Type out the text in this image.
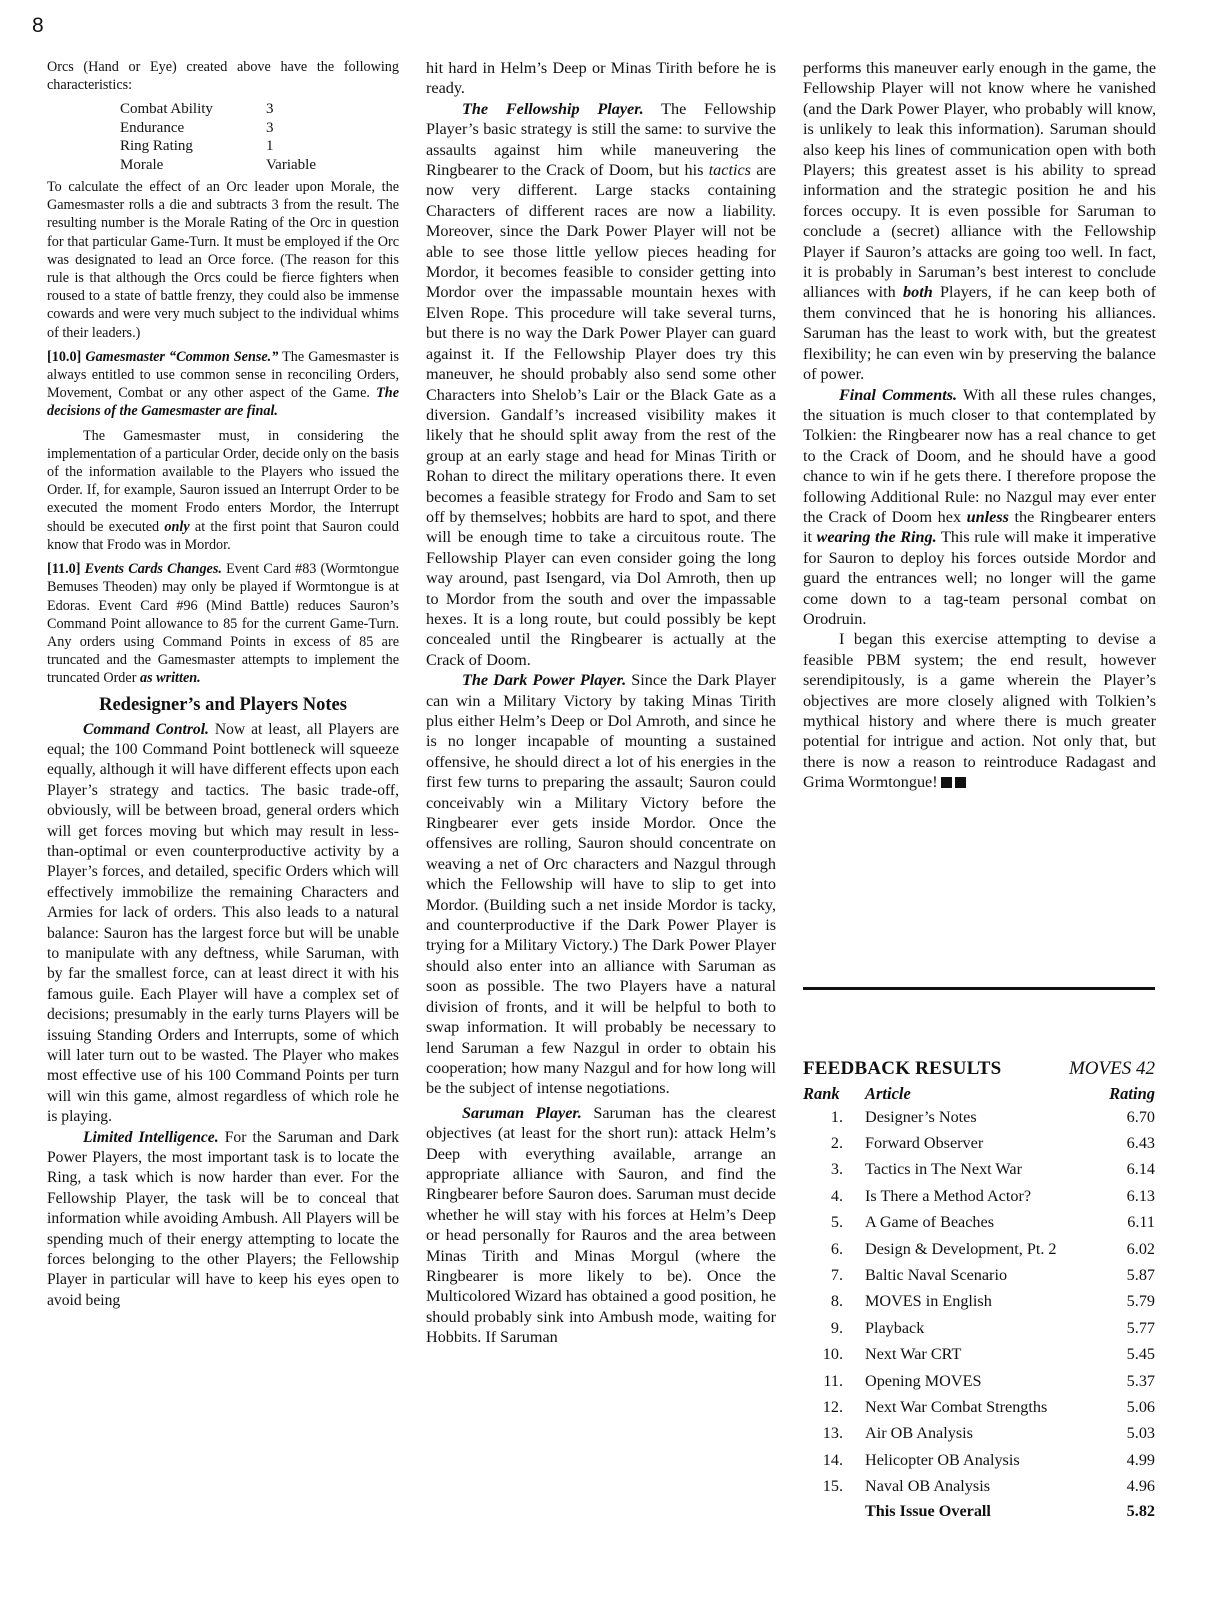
8

Orcs (Hand or Eye) created above have the following characteristics:

Combat Ability	3
Endurance	3
Ring Rating	1
Morale	Variable

To calculate the effect of an Orc leader upon Morale, the Gamesmaster rolls a die and subtracts 3 from the result. The resulting number is the Morale Rating of the Orc in question for that particular Game-Turn. It must be employed if the Orc was designated to lead an Orce force. (The reason for this rule is that although the Orcs could be fierce fighters when roused to a state of battle frenzy, they could also be immense cowards and were very much subject to the individual whims of their leaders.)

[10.0] Gamesmaster “Common Sense.” The Gamesmaster is always entitled to use common sense in reconciling Orders, Movement, Combat or any other aspect of the Game. The decisions of the Gamesmaster are final.

The Gamesmaster must, in considering the implementation of a particular Order, decide only on the basis of the information available to the Players who issued the Order. If, for example, Sauron issued an Interrupt Order to be executed the moment Frodo enters Mordor, the Interrupt should be executed only at the first point that Sauron could know that Frodo was in Mordor.

[11.0] Events Cards Changes. Event Card #83 (Wormtongue Bemuses Theoden) may only be played if Wormtongue is at Edoras. Event Card #96 (Mind Battle) reduces Sauron’s Command Point allowance to 85 for the current Game-Turn. Any orders using Command Points in excess of 85 are truncated and the Gamesmaster attempts to implement the truncated Order as written.

Redesigner’s and Players Notes

Command Control. Now at least, all Players are equal; the 100 Command Point bottleneck will squeeze equally, although it will have different effects upon each Player’s strategy and tactics. The basic trade-off, obviously, will be between broad, general orders which will get forces moving but which may result in less-than-optimal or even counterproductive activity by a Player’s forces, and detailed, specific Orders which will effectively immobilize the remaining Characters and Armies for lack of orders. This also leads to a natural balance: Sauron has the largest force but will be unable to manipulate with any deftness, while Saruman, with by far the smallest force, can at least direct it with his famous guile. Each Player will have a complex set of decisions; presumably in the early turns Players will be issuing Standing Orders and Interrupts, some of which will later turn out to be wasted. The Player who makes most effective use of his 100 Command Points per turn will win this game, almost regardless of which role he is playing.

Limited Intelligence. For the Saruman and Dark Power Players, the most important task is to locate the Ring, a task which is now harder than ever. For the Fellowship Player, the task will be to conceal that information while avoiding Ambush. All Players will be spending much of their energy attempting to locate the forces belonging to the other Players; the Fellowship Player in particular will have to keep his eyes open to avoid being

hit hard in Helm’s Deep or Minas Tirith before he is ready.

The Fellowship Player. The Fellowship Player’s basic strategy is still the same: to survive the assaults against him while maneuvering the Ringbearer to the Crack of Doom, but his tactics are now very different. Large stacks containing Characters of different races are now a liability. Moreover, since the Dark Power Player will not be able to see those little yellow pieces heading for Mordor, it becomes feasible to consider getting into Mordor over the impassable mountain hexes with Elven Rope. This procedure will take several turns, but there is no way the Dark Power Player can guard against it. If the Fellowship Player does try this maneuver, he should probably also send some other Characters into Shelob’s Lair or the Black Gate as a diversion. Gandalf’s increased visibility makes it likely that he should split away from the rest of the group at an early stage and head for Minas Tirith or Rohan to direct the military operations there. It even becomes a feasible strategy for Frodo and Sam to set off by themselves; hobbits are hard to spot, and there will be enough time to take a circuitous route. The Fellowship Player can even consider going the long way around, past Isengard, via Dol Amroth, then up to Mordor from the south and over the impassable hexes. It is a long route, but could possibly be kept concealed until the Ringbearer is actually at the Crack of Doom.

The Dark Power Player. Since the Dark Player can win a Military Victory by taking Minas Tirith plus either Helm’s Deep or Dol Amroth, and since he is no longer incapable of mounting a sustained offensive, he should direct a lot of his energies in the first few turns to preparing the assault; Sauron could conceivably win a Military Victory before the Ringbearer ever gets inside Mordor. Once the offensives are rolling, Sauron should concentrate on weaving a net of Orc characters and Nazgul through which the Fellowship will have to slip to get into Mordor. (Building such a net inside Mordor is tacky, and counterproductive if the Dark Power Player is trying for a Military Victory.) The Dark Power Player should also enter into an alliance with Saruman as soon as possible. The two Players have a natural division of fronts, and it will be helpful to both to swap information. It will probably be necessary to lend Saruman a few Nazgul in order to obtain his cooperation; how many Nazgul and for how long will be the subject of intense negotiations.

Saruman Player. Saruman has the clearest objectives (at least for the short run): attack Helm’s Deep with everything available, arrange an appropriate alliance with Sauron, and find the Ringbearer before Sauron does. Saruman must decide whether he will stay with his forces at Helm’s Deep or head personally for Rauros and the area between Minas Tirith and Minas Morgul (where the Ringbearer is more likely to be). Once the Multicolored Wizard has obtained a good position, he should probably sink into Ambush mode, waiting for Hobbits. If Saruman

performs this maneuver early enough in the game, the Fellowship Player will not know where he vanished (and the Dark Power Player, who probably will know, is unlikely to leak this information). Saruman should also keep his lines of communication open with both Players; this greatest asset is his ability to spread information and the strategic position he and his forces occupy. It is even possible for Saruman to conclude a (secret) alliance with the Fellowship Player if Sauron’s attacks are going too well. In fact, it is probably in Saruman’s best interest to conclude alliances with both Players, if he can keep both of them convinced that he is honoring his alliances. Saruman has the least to work with, but the greatest flexibility; he can even win by preserving the balance of power.

Final Comments. With all these rules changes, the situation is much closer to that contemplated by Tolkien: the Ringbearer now has a real chance to get to the Crack of Doom, and he should have a good chance to win if he gets there. I therefore propose the following Additional Rule: no Nazgul may ever enter the Crack of Doom hex unless the Ringbearer enters it wearing the Ring. This rule will make it imperative for Sauron to deploy his forces outside Mordor and guard the entrances well; no longer will the game come down to a tag-team personal combat on Orodruin.

I began this exercise attempting to devise a feasible PBM system; the end result, however serendipitously, is a game wherein the Player’s objectives are more closely aligned with Tolkien’s mythical history and where there is much greater potential for intrigue and action. Not only that, but there is now a reason to reintroduce Radagast and Grima Wormtongue!

FEEDBACK RESULTS	MOVES 42
Rank	Article	Rating
1.	Designer’s Notes	6.70
2.	Forward Observer	6.43
3.	Tactics in The Next War	6.14
4.	Is There a Method Actor?	6.13
5.	A Game of Beaches	6.11
6.	Design & Development, Pt. 2	6.02
7.	Baltic Naval Scenario	5.87
8.	MOVES in English	5.79
9.	Playback	5.77
10.	Next War CRT	5.45
11.	Opening MOVES	5.37
12.	Next War Combat Strengths	5.06
13.	Air OB Analysis	5.03
14.	Helicopter OB Analysis	4.99
15.	Naval OB Analysis	4.96
This Issue Overall	5.82
